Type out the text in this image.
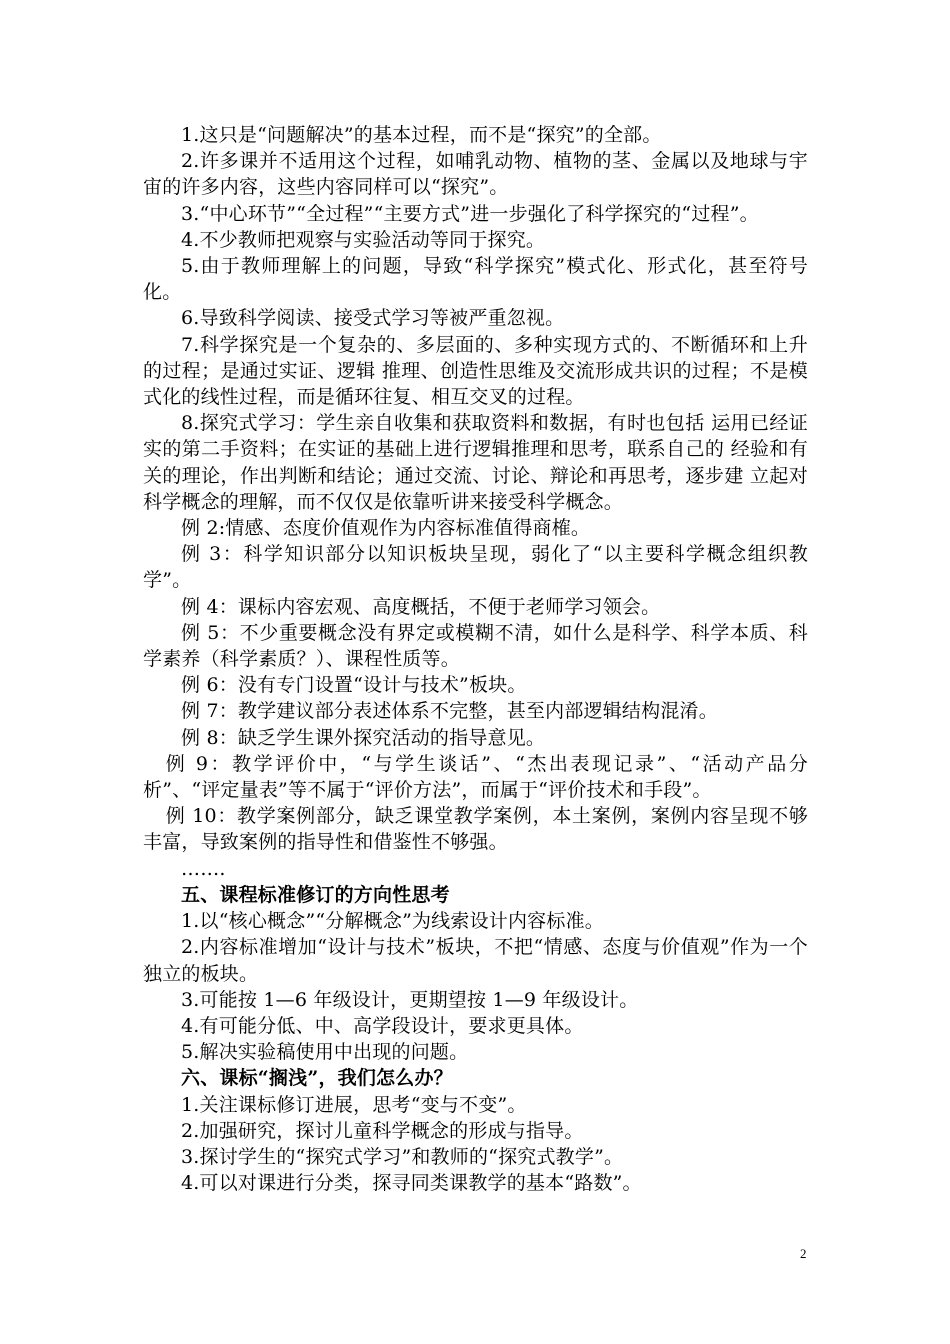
1.这只是“问题解决”的基本过程，而不是“探究”的全部。

2.许多课并不适用这个过程，如哺乳动物、植物的茎、金属以及地球与宇宙的许多内容，这些内容同样可以“探究”。

3.“中心环节”“全过程”“主要方式”进一步强化了科学探究的“过程”。

4.不少教师把观察与实验活动等同于探究。

5.由于教师理解上的问题，导致“科学探究”模式化、形式化，甚至符号化。

6.导致科学阅读、接受式学习等被严重忽视。

7.科学探究是一个复杂的、多层面的、多种实现方式的、不断循环和上升的过程；是通过实证、逻辑 推理、创造性思维及交流形成共识的过程；不是模式化的线性过程，而是循环往复、相互交叉的过程。

8.探究式学习：学生亲自收集和获取资料和数据，有时也包括 运用已经证实的第二手资料；在实证的基础上进行逻辑推理和思考，联系自己的 经验和有关的理论，作出判断和结论；通过交流、讨论、辩论和再思考，逐步建 立起对科学概念的理解，而不仅仅是依靠听讲来接受科学概念。

例 2:情感、态度价值观作为内容标准值得商榷。

例 3：科学知识部分以知识板块呈现，弱化了“以主要科学概念组织教学”。

例 4：课标内容宏观、高度概括，不便于老师学习领会。

例 5：不少重要概念没有界定或模糊不清，如什么是科学、科学本质、科学素养（科学素质？）、课程性质等。

例 6：没有专门设置“设计与技术”板块。

例 7：教学建议部分表述体系不完整，甚至内部逻辑结构混淆。

例 8：缺乏学生课外探究活动的指导意见。

例 9：教学评价中，“与学生谈话”、“杰出表现记录”、“活动产品分析”、“评定量表”等不属于“评价方法”，而属于“评价技术和手段”。

例 10：教学案例部分，缺乏课堂教学案例，本土案例，案例内容呈现不够丰富，导致案例的指导性和借鉴性不够强。

…….

五、课程标准修订的方向性思考

1.以“核心概念”“分解概念”为线索设计内容标准。

2.内容标准增加“设计与技术”板块，不把“情感、态度与价值观”作为一个独立的板块。

3.可能按 1—6 年级设计，更期望按 1—9 年级设计。

4.有可能分低、中、高学段设计，要求更具体。

5.解决实验稿使用中出现的问题。

六、课标“搁浅”，我们怎么办？

1.关注课标修订进展，思考“变与不变”。

2.加强研究，探讨儿童科学概念的形成与指导。

3.探讨学生的“探究式学习”和教师的“探究式教学”。

4.可以对课进行分类，探寻同类课教学的基本“路数”。

2
